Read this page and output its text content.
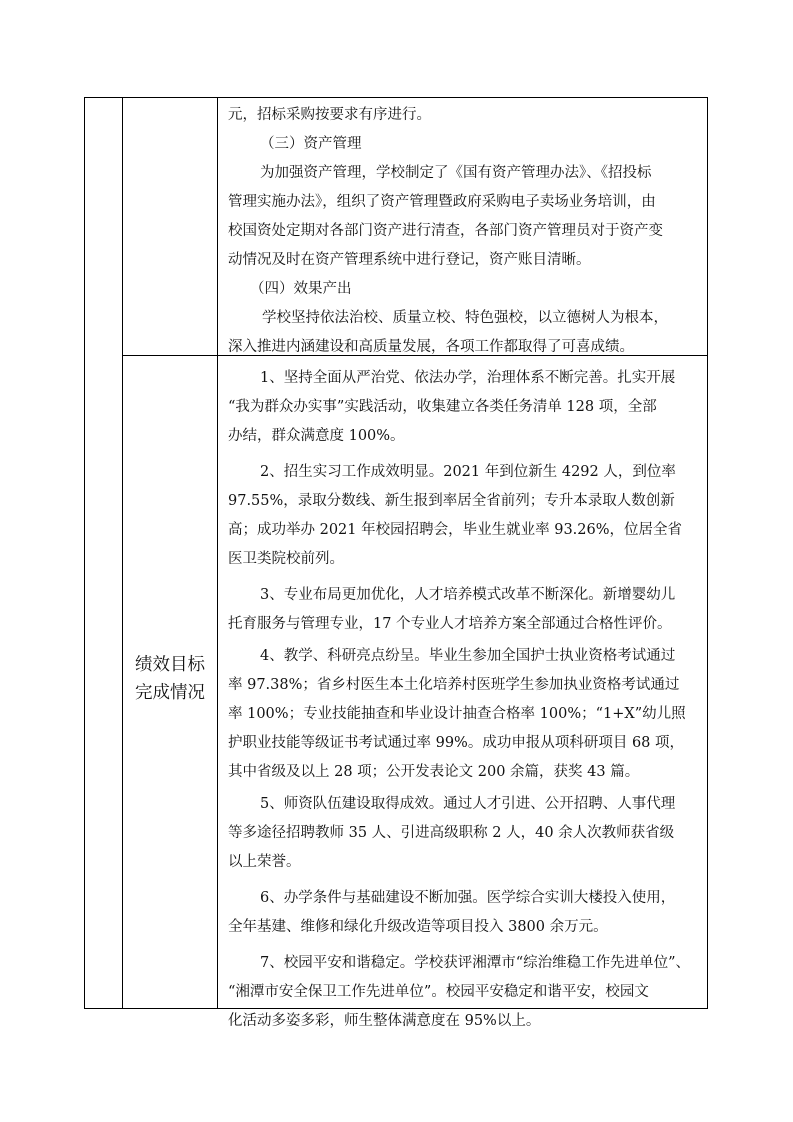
元，招标采购按要求有序进行。

（三）资产管理

为加强资产管理，学校制定了《国有资产管理办法》、《招投标

管理实施办法》，组织了资产管理暨政府采购电子卖场业务培训，由

校国资处定期对各部门资产进行清查，各部门资产管理员对于资产变

动情况及时在资产管理系统中进行登记，资产账目清晰。

（四）效果产出

学校坚持依法治校、质量立校、特色强校，以立德树人为根本，

深入推进内涵建设和高质量发展，各项工作都取得了可喜成绩。

绩效目标
完成情况

1、坚持全面从严治党、依法办学，治理体系不断完善。扎实开展

“我为群众办实事”实践活动，收集建立各类任务清单 128 项，全部

办结，群众满意度 100%。

2、招生实习工作成效明显。2021 年到位新生 4292 人，到位率

97.55%，录取分数线、新生报到率居全省前列；专升本录取人数创新

高；成功举办 2021 年校园招聘会，毕业生就业率 93.26%，位居全省

医卫类院校前列。

3、专业布局更加优化，人才培养模式改革不断深化。新增婴幼儿

托育服务与管理专业，17 个专业人才培养方案全部通过合格性评价。

4、教学、科研亮点纷呈。毕业生参加全国护士执业资格考试通过

率 97.38%；省乡村医生本土化培养村医班学生参加执业资格考试通过

率 100%；专业技能抽查和毕业设计抽查合格率 100%；“1+X”幼儿照

护职业技能等级证书考试通过率 99%。成功申报从项科研项目 68 项，

其中省级及以上 28 项；公开发表论文 200 余篇，获奖 43 篇。

5、师资队伍建设取得成效。通过人才引进、公开招聘、人事代理

等多途径招聘教师 35 人、引进高级职称 2 人，40 余人次教师获省级

以上荣誉。

6、办学条件与基础建设不断加强。医学综合实训大楼投入使用，

全年基建、维修和绿化升级改造等项目投入 3800 余万元。

7、校园平安和谐稳定。学校获评湘潭市“综治维稳工作先进单位”、

“湘潭市安全保卫工作先进单位”。校园平安稳定和谐平安，校园文

化活动多姿多彩，师生整体满意度在 95%以上。
